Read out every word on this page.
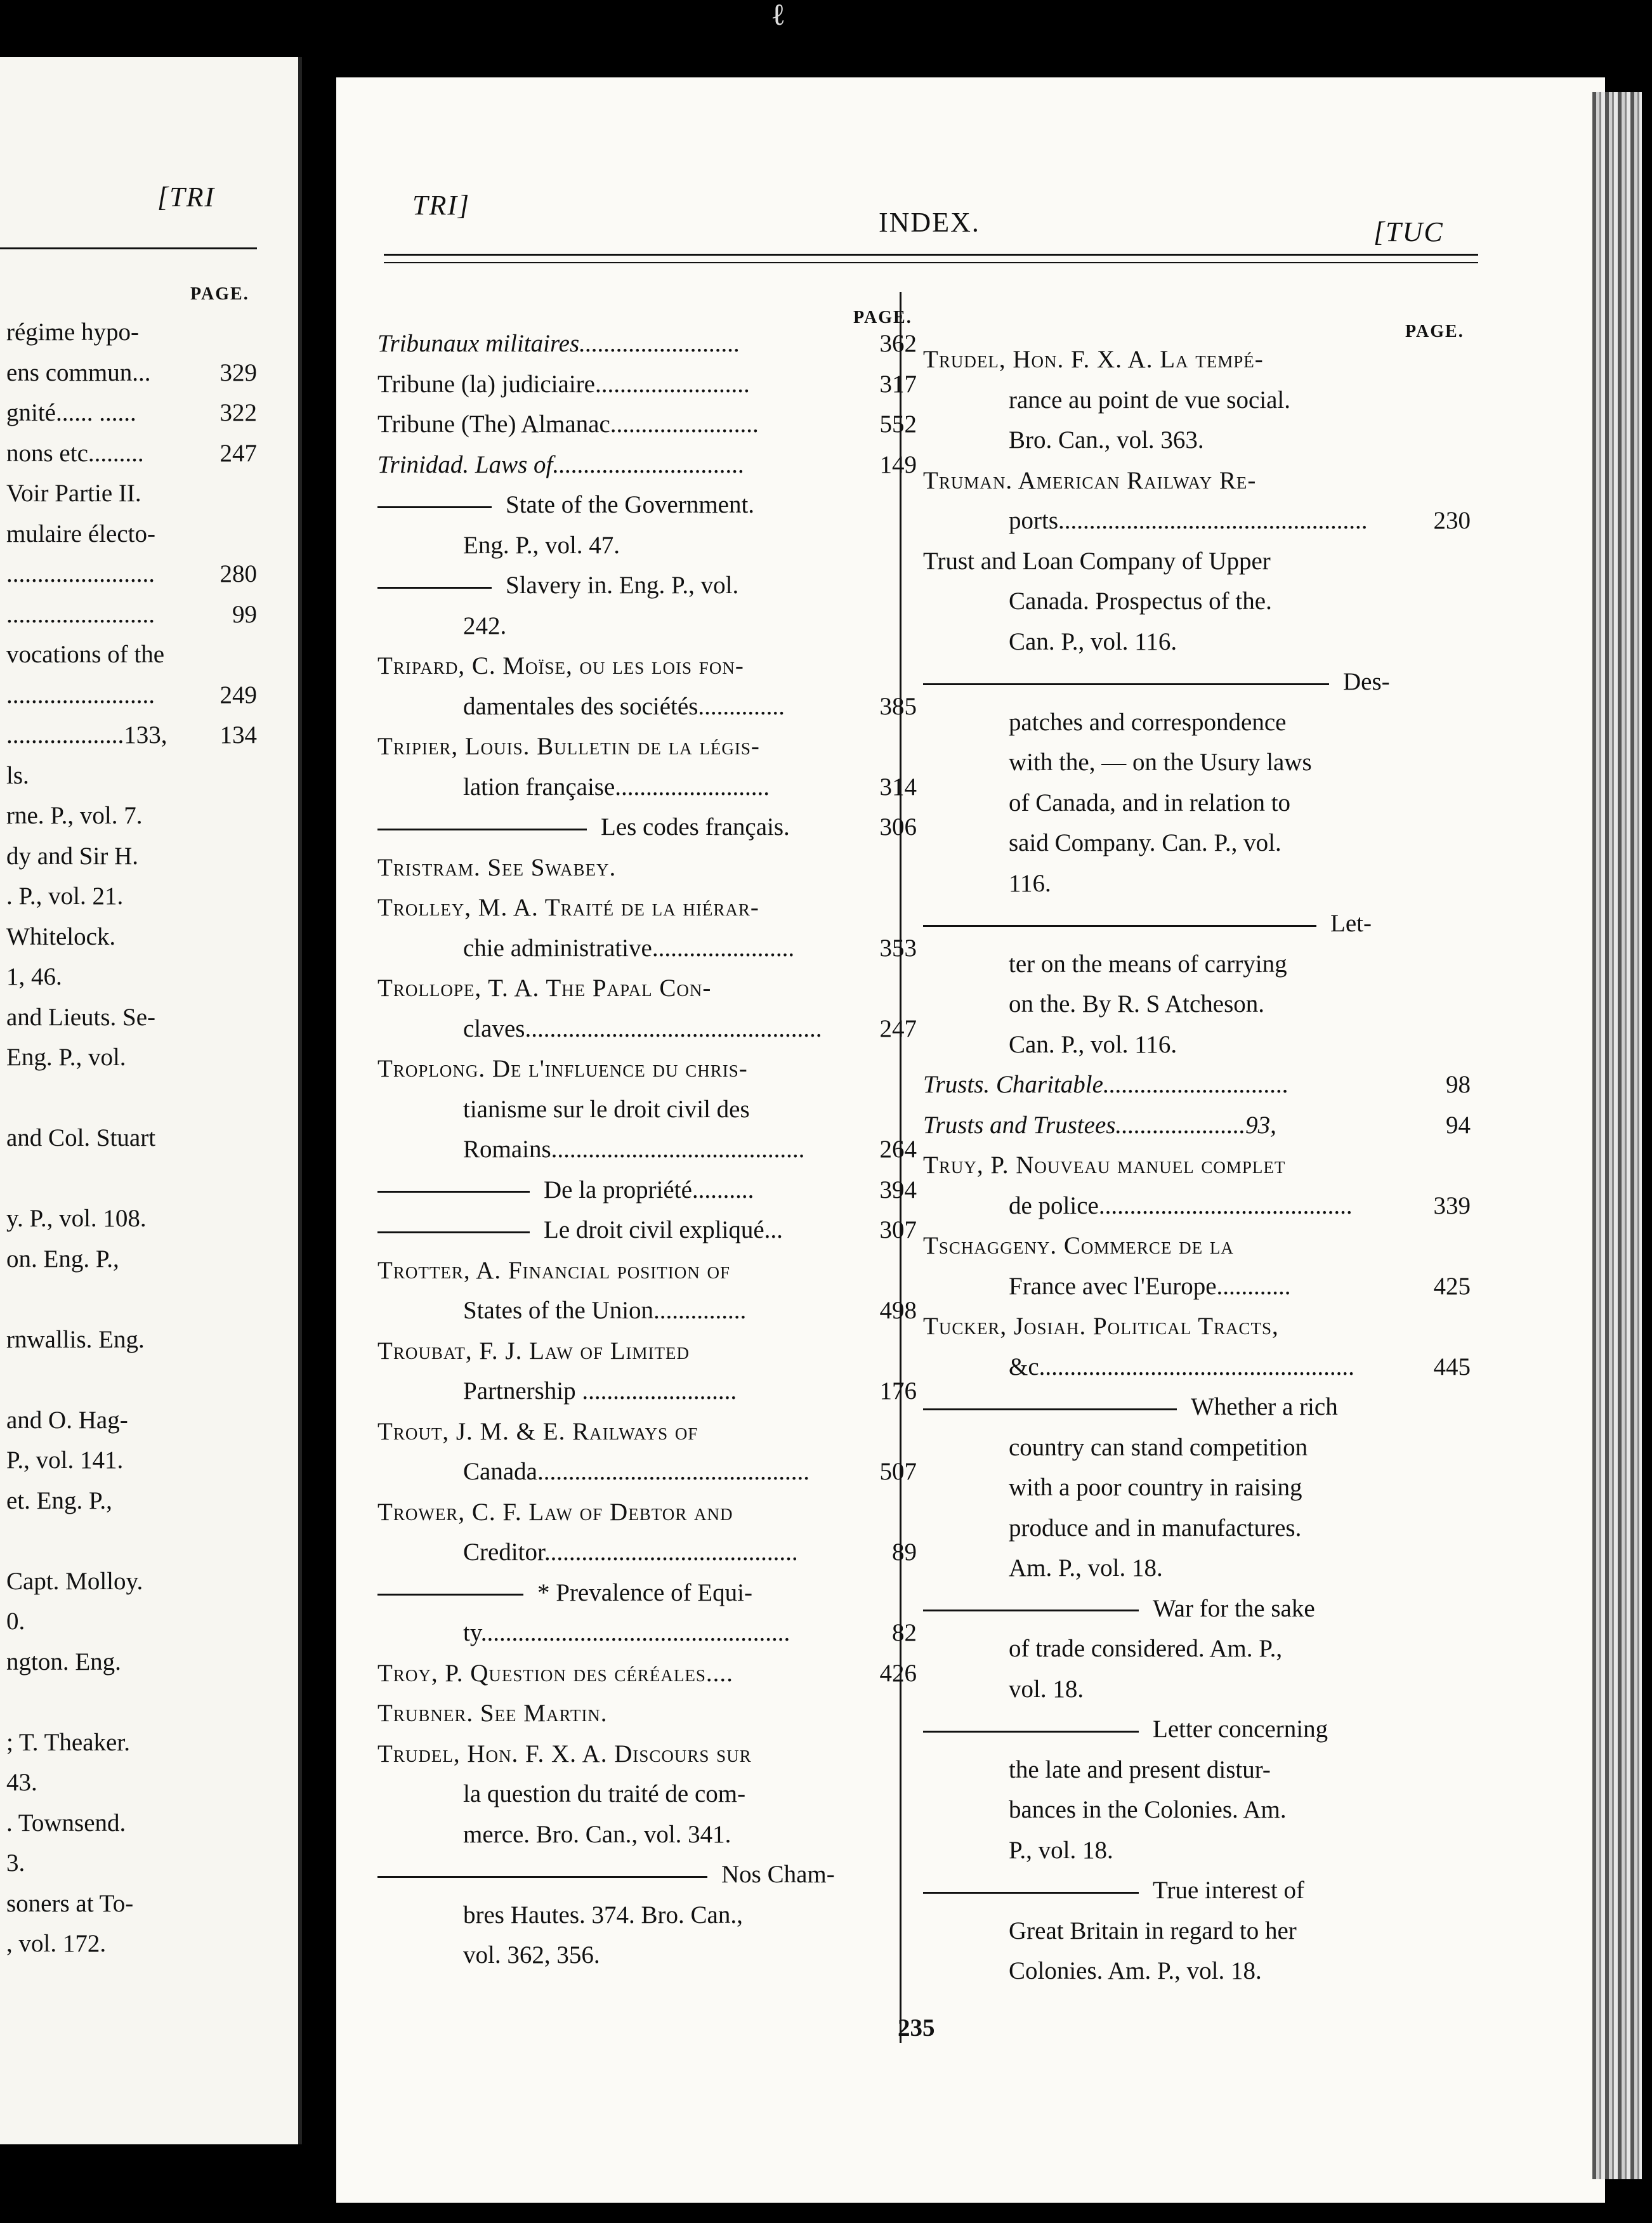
ℓ
[TRI
PAGE.
régime hypo-
ens commun...	329
gnité...... ......	322
nons etc.........	247
Voir Partie II.
mulaire électo-
........................	280
........................	99
vocations of the
........................	249
...................133,	134
ls.
rne. P., vol. 7.
dy and Sir H.
. P., vol. 21.
Whitelock.
1, 46.
and Lieuts. Se-
Eng. P., vol.
and Col. Stuart
y. P., vol. 108.
on. Eng. P.,
rnwallis. Eng.
and O. Hag-
P., vol. 141.
et. Eng. P.,
Capt. Molloy.
0.
ngton. Eng.
; T. Theaker.
43.
. Townsend.
3.
soners at To-
, vol. 172.
TRI]
INDEX.	[TUC
PAGE.
PAGE.
Tribunaux militaires..........................	362
Tribune (la) judiciaire.........................	317
Tribune (The) Almanac........................	552
Trinidad. Laws of...............................	149
State of the Government.
Eng. P., vol. 47.
Slavery in. Eng. P., vol.
242.
Tripard, C. Moïse, ou les lois fon-
damentales des sociétés..............	385
Tripier, Louis. Bulletin de la légis-
lation française.........................	314
Les codes français.	306
Tristram. See Swabey.
Trolley, M. A. Traité de la hiérar-
chie administrative.......................	353
Trollope, T. A. The Papal Con-
claves................................................	247
Troplong. De l'influence du chris-
tianisme sur le droit civil des
Romains.........................................	264
De la propriété..........	394
Le droit civil expliqué...	307
Trotter, A. Financial position of
States of the Union...............	498
Troubat, F. J. Law of Limited
Partnership .........................	176
Trout, J. M. & E. Railways of
Canada............................................	507
Trower, C. F. Law of Debtor and
Creditor.........................................	89
* Prevalence of Equi-
ty..................................................	82
Troy, P. Question des céréales....	426
Trubner. See Martin.
Trudel, Hon. F. X. A. Discours sur
la question du traité de com-
merce. Bro. Can., vol. 341.
Nos Cham-
bres Hautes. 374. Bro. Can.,
vol. 362, 356.
Trudel, Hon. F. X. A. La tempé-
rance au point de vue social.
Bro. Can., vol. 363.
Truman. American Railway Re-
ports..................................................	230
Trust and Loan Company of Upper
Canada. Prospectus of the.
Can. P., vol. 116.
Des-
patches and correspondence
with the, — on the Usury laws
of Canada, and in relation to
said Company. Can. P., vol.
116.
Let-
ter on the means of carrying
on the. By R. S Atcheson.
Can. P., vol. 116.
Trusts. Charitable..............................	98
Trusts and Trustees.....................93,	94
Truy, P. Nouveau manuel complet
de police.........................................	339
Tschaggeny. Commerce de la
France avec l'Europe............	425
Tucker, Josiah. Political Tracts,
&c...................................................	445
Whether a rich
country can stand competition
with a poor country in raising
produce and in manufactures.
Am. P., vol. 18.
War for the sake
of trade considered. Am. P.,
vol. 18.
Letter concerning
the late and present distur-
bances in the Colonies. Am.
P., vol. 18.
True interest of
Great Britain in regard to her
Colonies. Am. P., vol. 18.
235
